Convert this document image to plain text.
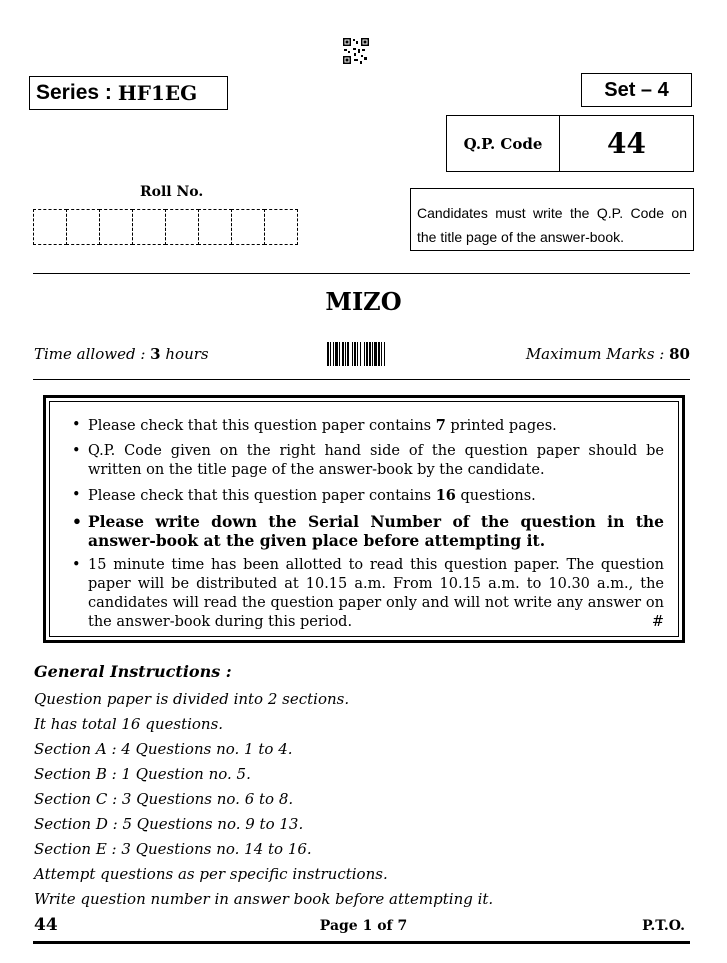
Series : HF1EG	Set – 4
Q.P. Code	44
Roll No.
Candidates must write the Q.P. Code on the title page of the answer-book.
MIZO
Time allowed : 3 hours	Maximum Marks : 80
• Please check that this question paper contains 7 printed pages.
• Q.P. Code given on the right hand side of the question paper should be written on the title page of the answer-book by the candidate.
• Please check that this question paper contains 16 questions.
• Please write down the Serial Number of the question in the answer-book at the given place before attempting it.
• 15 minute time has been allotted to read this question paper. The question paper will be distributed at 10.15 a.m. From 10.15 a.m. to 10.30 a.m., the candidates will read the question paper only and will not write any answer on the answer-book during this period.	#
General Instructions :
Question paper is divided into 2 sections.
It has total 16 questions.
Section A : 4 Questions no. 1 to 4.
Section B : 1 Question no. 5.
Section C : 3 Questions no. 6 to 8.
Section D : 5 Questions no. 9 to 13.
Section E : 3 Questions no. 14 to 16.
Attempt questions as per specific instructions.
Write question number in answer book before attempting it.
44	Page 1 of 7	P.T.O.
